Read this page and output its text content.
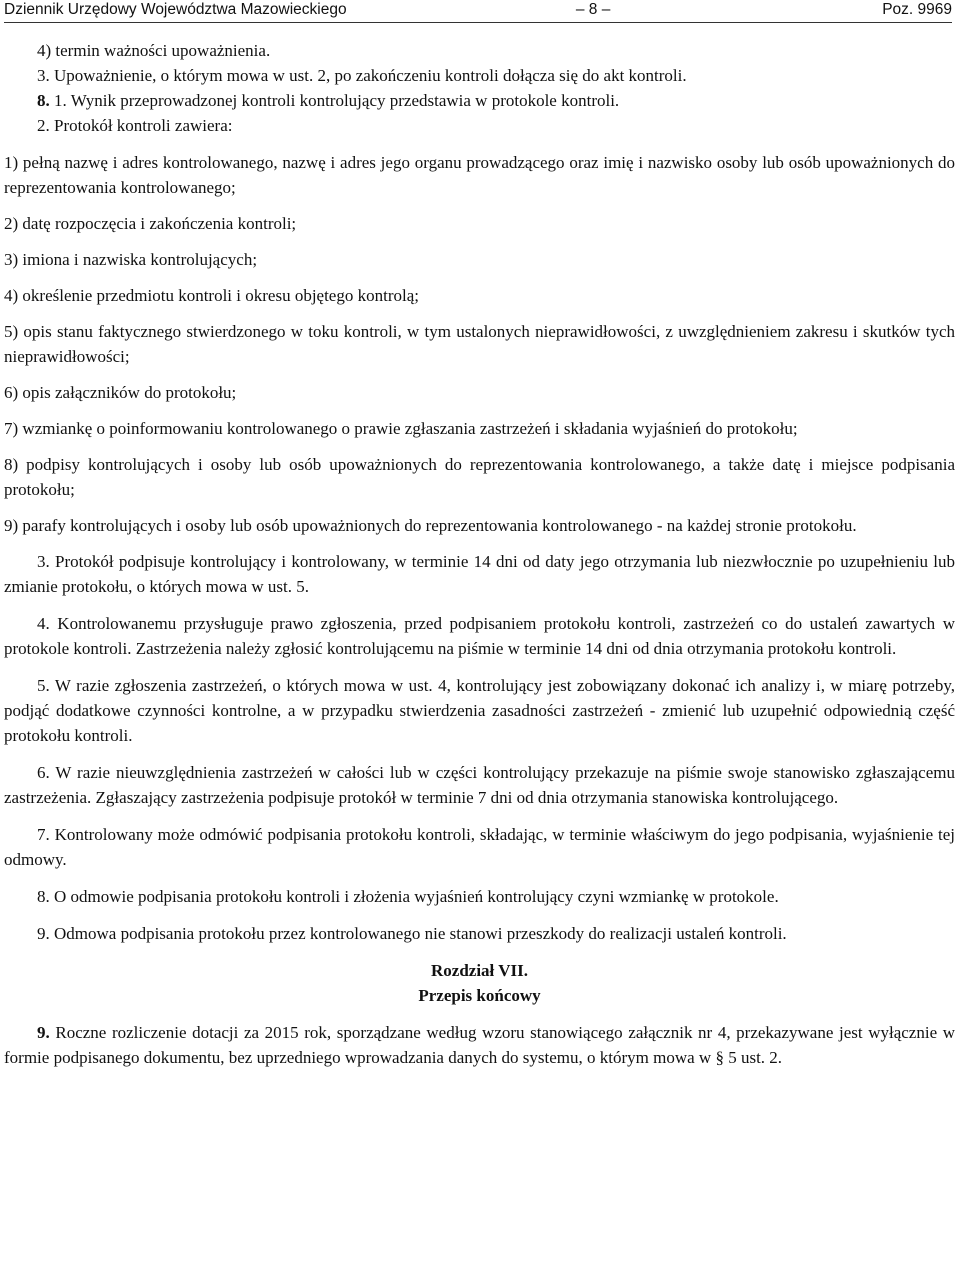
Dziennik Urzędowy Województwa Mazowieckiego	– 8 –	Poz. 9969

4) termin ważności upoważnienia.

3. Upoważnienie, o którym mowa w ust. 2, po zakończeniu kontroli dołącza się do akt kontroli.

8. 1. Wynik przeprowadzonej kontroli kontrolujący przedstawia w protokole kontroli.

2. Protokół kontroli zawiera:

1) pełną nazwę i adres kontrolowanego, nazwę i adres jego organu prowadzącego oraz imię i nazwisko osoby lub osób upoważnionych do reprezentowania kontrolowanego;

2) datę rozpoczęcia i zakończenia kontroli;

3) imiona i nazwiska kontrolujących;

4) określenie przedmiotu kontroli i okresu objętego kontrolą;

5) opis stanu faktycznego stwierdzonego w toku kontroli, w tym ustalonych nieprawidłowości, z uwzględnieniem zakresu i skutków tych nieprawidłowości;

6) opis załączników do protokołu;

7) wzmiankę o poinformowaniu kontrolowanego o prawie zgłaszania zastrzeżeń i składania wyjaśnień do protokołu;

8) podpisy kontrolujących i osoby lub osób upoważnionych do reprezentowania kontrolowanego, a także datę i miejsce podpisania protokołu;

9) parafy kontrolujących i osoby lub osób upoważnionych do reprezentowania kontrolowanego - na każdej stronie protokołu.

3. Protokół podpisuje kontrolujący i kontrolowany, w terminie 14 dni od daty jego otrzymania lub niezwłocznie po uzupełnieniu lub zmianie protokołu, o których mowa w ust. 5.

4. Kontrolowanemu przysługuje prawo zgłoszenia, przed podpisaniem protokołu kontroli, zastrzeżeń co do ustaleń zawartych w protokole kontroli. Zastrzeżenia należy zgłosić kontrolującemu na piśmie w terminie 14 dni od dnia otrzymania protokołu kontroli.

5. W razie zgłoszenia zastrzeżeń, o których mowa w ust. 4, kontrolujący jest zobowiązany dokonać ich analizy i, w miarę potrzeby, podjąć dodatkowe czynności kontrolne, a w przypadku stwierdzenia zasadności zastrzeżeń - zmienić lub uzupełnić odpowiednią część protokołu kontroli.

6. W razie nieuwzględnienia zastrzeżeń w całości lub w części kontrolujący przekazuje na piśmie swoje stanowisko zgłaszającemu zastrzeżenia. Zgłaszający zastrzeżenia podpisuje protokół w terminie 7 dni od dnia otrzymania stanowiska kontrolującego.

7. Kontrolowany może odmówić podpisania protokołu kontroli, składając, w terminie właściwym do jego podpisania, wyjaśnienie tej odmowy.

8. O odmowie podpisania protokołu kontroli i złożenia wyjaśnień kontrolujący czyni wzmiankę w protokole.

9. Odmowa podpisania protokołu przez kontrolowanego nie stanowi przeszkody do realizacji ustaleń kontroli.

Rozdział VII.

Przepis końcowy

9. Roczne rozliczenie dotacji za 2015 rok, sporządzane według wzoru stanowiącego załącznik nr 4, przekazywane jest wyłącznie w formie podpisanego dokumentu, bez uprzedniego wprowadzania danych do systemu, o którym mowa w § 5 ust. 2.
